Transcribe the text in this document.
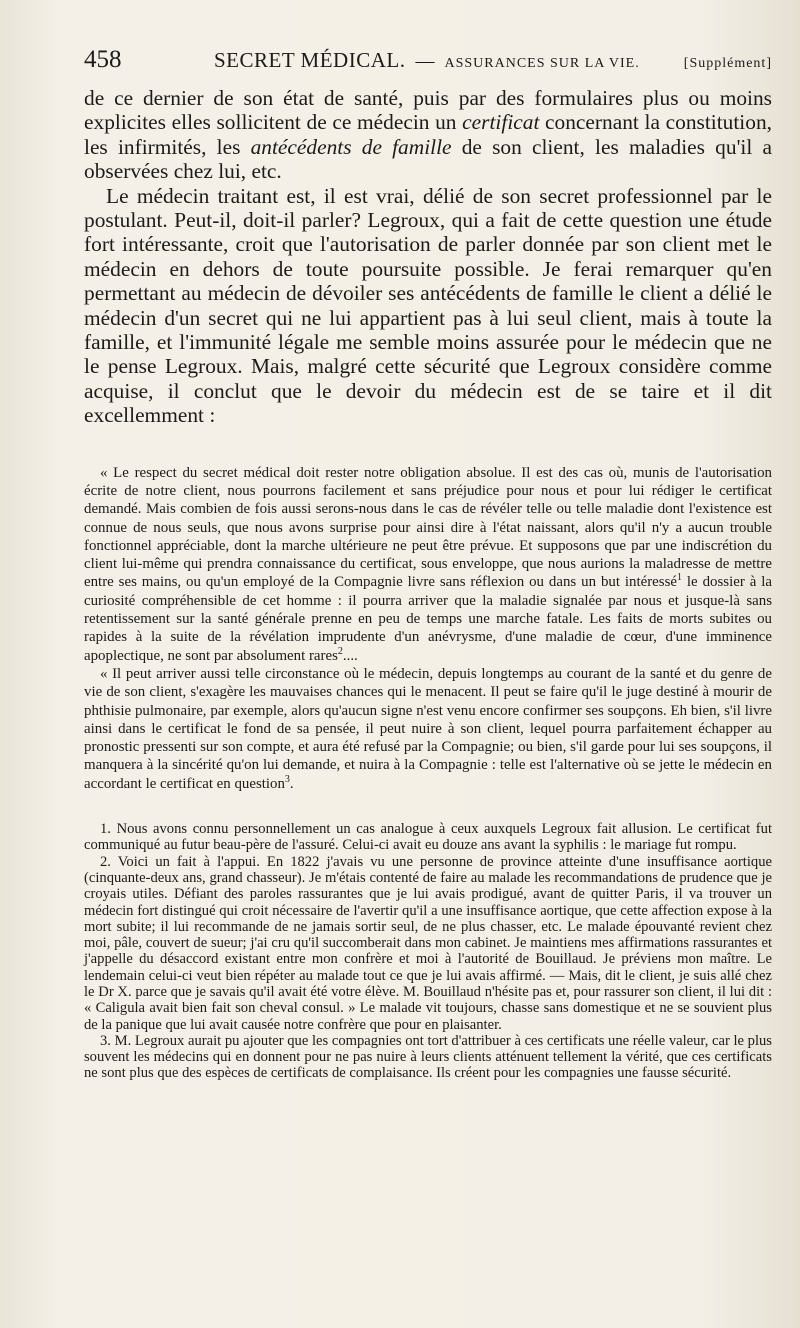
458	SECRET MÉDICAL. — ASSURANCES SUR LA VIE.	[Supplément]

de ce dernier de son état de santé, puis par des formulaires plus ou moins explicites elles sollicitent de ce médecin un certificat concernant la constitution, les infirmités, les antécédents de famille de son client, les maladies qu'il a observées chez lui, etc.

Le médecin traitant est, il est vrai, délié de son secret professionnel par le postulant. Peut-il, doit-il parler? Legroux, qui a fait de cette question une étude fort intéressante, croit que l'autorisation de parler donnée par son client met le médecin en dehors de toute poursuite possible. Je ferai remarquer qu'en permettant au médecin de dévoiler ses antécédents de famille le client a délié le médecin d'un secret qui ne lui appartient pas à lui seul client, mais à toute la famille, et l'immunité légale me semble moins assurée pour le médecin que ne le pense Legroux. Mais, malgré cette sécurité que Legroux considère comme acquise, il conclut que le devoir du médecin est de se taire et il dit excellemment :

« Le respect du secret médical doit rester notre obligation absolue. Il est des cas où, munis de l'autorisation écrite de notre client, nous pourrons facilement et sans préjudice pour nous et pour lui rédiger le certificat demandé. Mais combien de fois aussi serons-nous dans le cas de révéler telle ou telle maladie dont l'existence est connue de nous seuls, que nous avons surprise pour ainsi dire à l'état naissant, alors qu'il n'y a aucun trouble fonctionnel appréciable, dont la marche ultérieure ne peut être prévue. Et supposons que par une indiscrétion du client lui-même qui prendra connaissance du certificat, sous enveloppe, que nous aurions la maladresse de mettre entre ses mains, ou qu'un employé de la Compagnie livre sans réflexion ou dans un but intéressé$^1$ le dossier à la curiosité compréhensible de cet homme : il pourra arriver que la maladie signalée par nous et jusque-là sans retentissement sur la santé générale prenne en peu de temps une marche fatale. Les faits de morts subites ou rapides à la suite de la révélation imprudente d'un anévrysme, d'une maladie de cœur, d'une imminence apoplectique, ne sont par absolument rares$^2$....

« Il peut arriver aussi telle circonstance où le médecin, depuis longtemps au courant de la santé et du genre de vie de son client, s'exagère les mauvaises chances qui le menacent. Il peut se faire qu'il le juge destiné à mourir de phthisie pulmonaire, par exemple, alors qu'aucun signe n'est venu encore confirmer ses soupçons. Eh bien, s'il livre ainsi dans le certificat le fond de sa pensée, il peut nuire à son client, lequel pourra parfaitement échapper au pronostic pressenti sur son compte, et aura été refusé par la Compagnie; ou bien, s'il garde pour lui ses soupçons, il manquera à la sincérité qu'on lui demande, et nuira à la Compagnie : telle est l'alternative où se jette le médecin en accordant le certificat en question$^3$.

1. Nous avons connu personnellement un cas analogue à ceux auxquels Legroux fait allusion. Le certificat fut communiqué au futur beau-père de l'assuré. Celui-ci avait eu douze ans avant la syphilis : le mariage fut rompu.

2. Voici un fait à l'appui. En 1822 j'avais vu une personne de province atteinte d'une insuffisance aortique (cinquante-deux ans, grand chasseur). Je m'étais contenté de faire au malade les recommandations de prudence que je croyais utiles. Défiant des paroles rassurantes que je lui avais prodigué, avant de quitter Paris, il va trouver un médecin fort distingué qui croit nécessaire de l'avertir qu'il a une insuffisance aortique, que cette affection expose à la mort subite; il lui recommande de ne jamais sortir seul, de ne plus chasser, etc. Le malade épouvanté revient chez moi, pâle, couvert de sueur; j'ai cru qu'il succomberait dans mon cabinet. Je maintiens mes affirmations rassurantes et j'appelle du désaccord existant entre mon confrère et moi à l'autorité de Bouillaud. Je préviens mon maître. Le lendemain celui-ci veut bien répéter au malade tout ce que je lui avais affirmé. — Mais, dit le client, je suis allé chez le Dr X. parce que je savais qu'il avait été votre élève. M. Bouillaud n'hésite pas et, pour rassurer son client, il lui dit : « Caligula avait bien fait son cheval consul. » Le malade vit toujours, chasse sans domestique et ne se souvient plus de la panique que lui avait causée notre confrère que pour en plaisanter.

3. M. Legroux aurait pu ajouter que les compagnies ont tort d'attribuer à ces certificats une réelle valeur, car le plus souvent les médecins qui en donnent pour ne pas nuire à leurs clients atténuent tellement la vérité, que ces certificats ne sont plus que des espèces de certificats de complaisance. Ils créent pour les compagnies une fausse sécurité.
